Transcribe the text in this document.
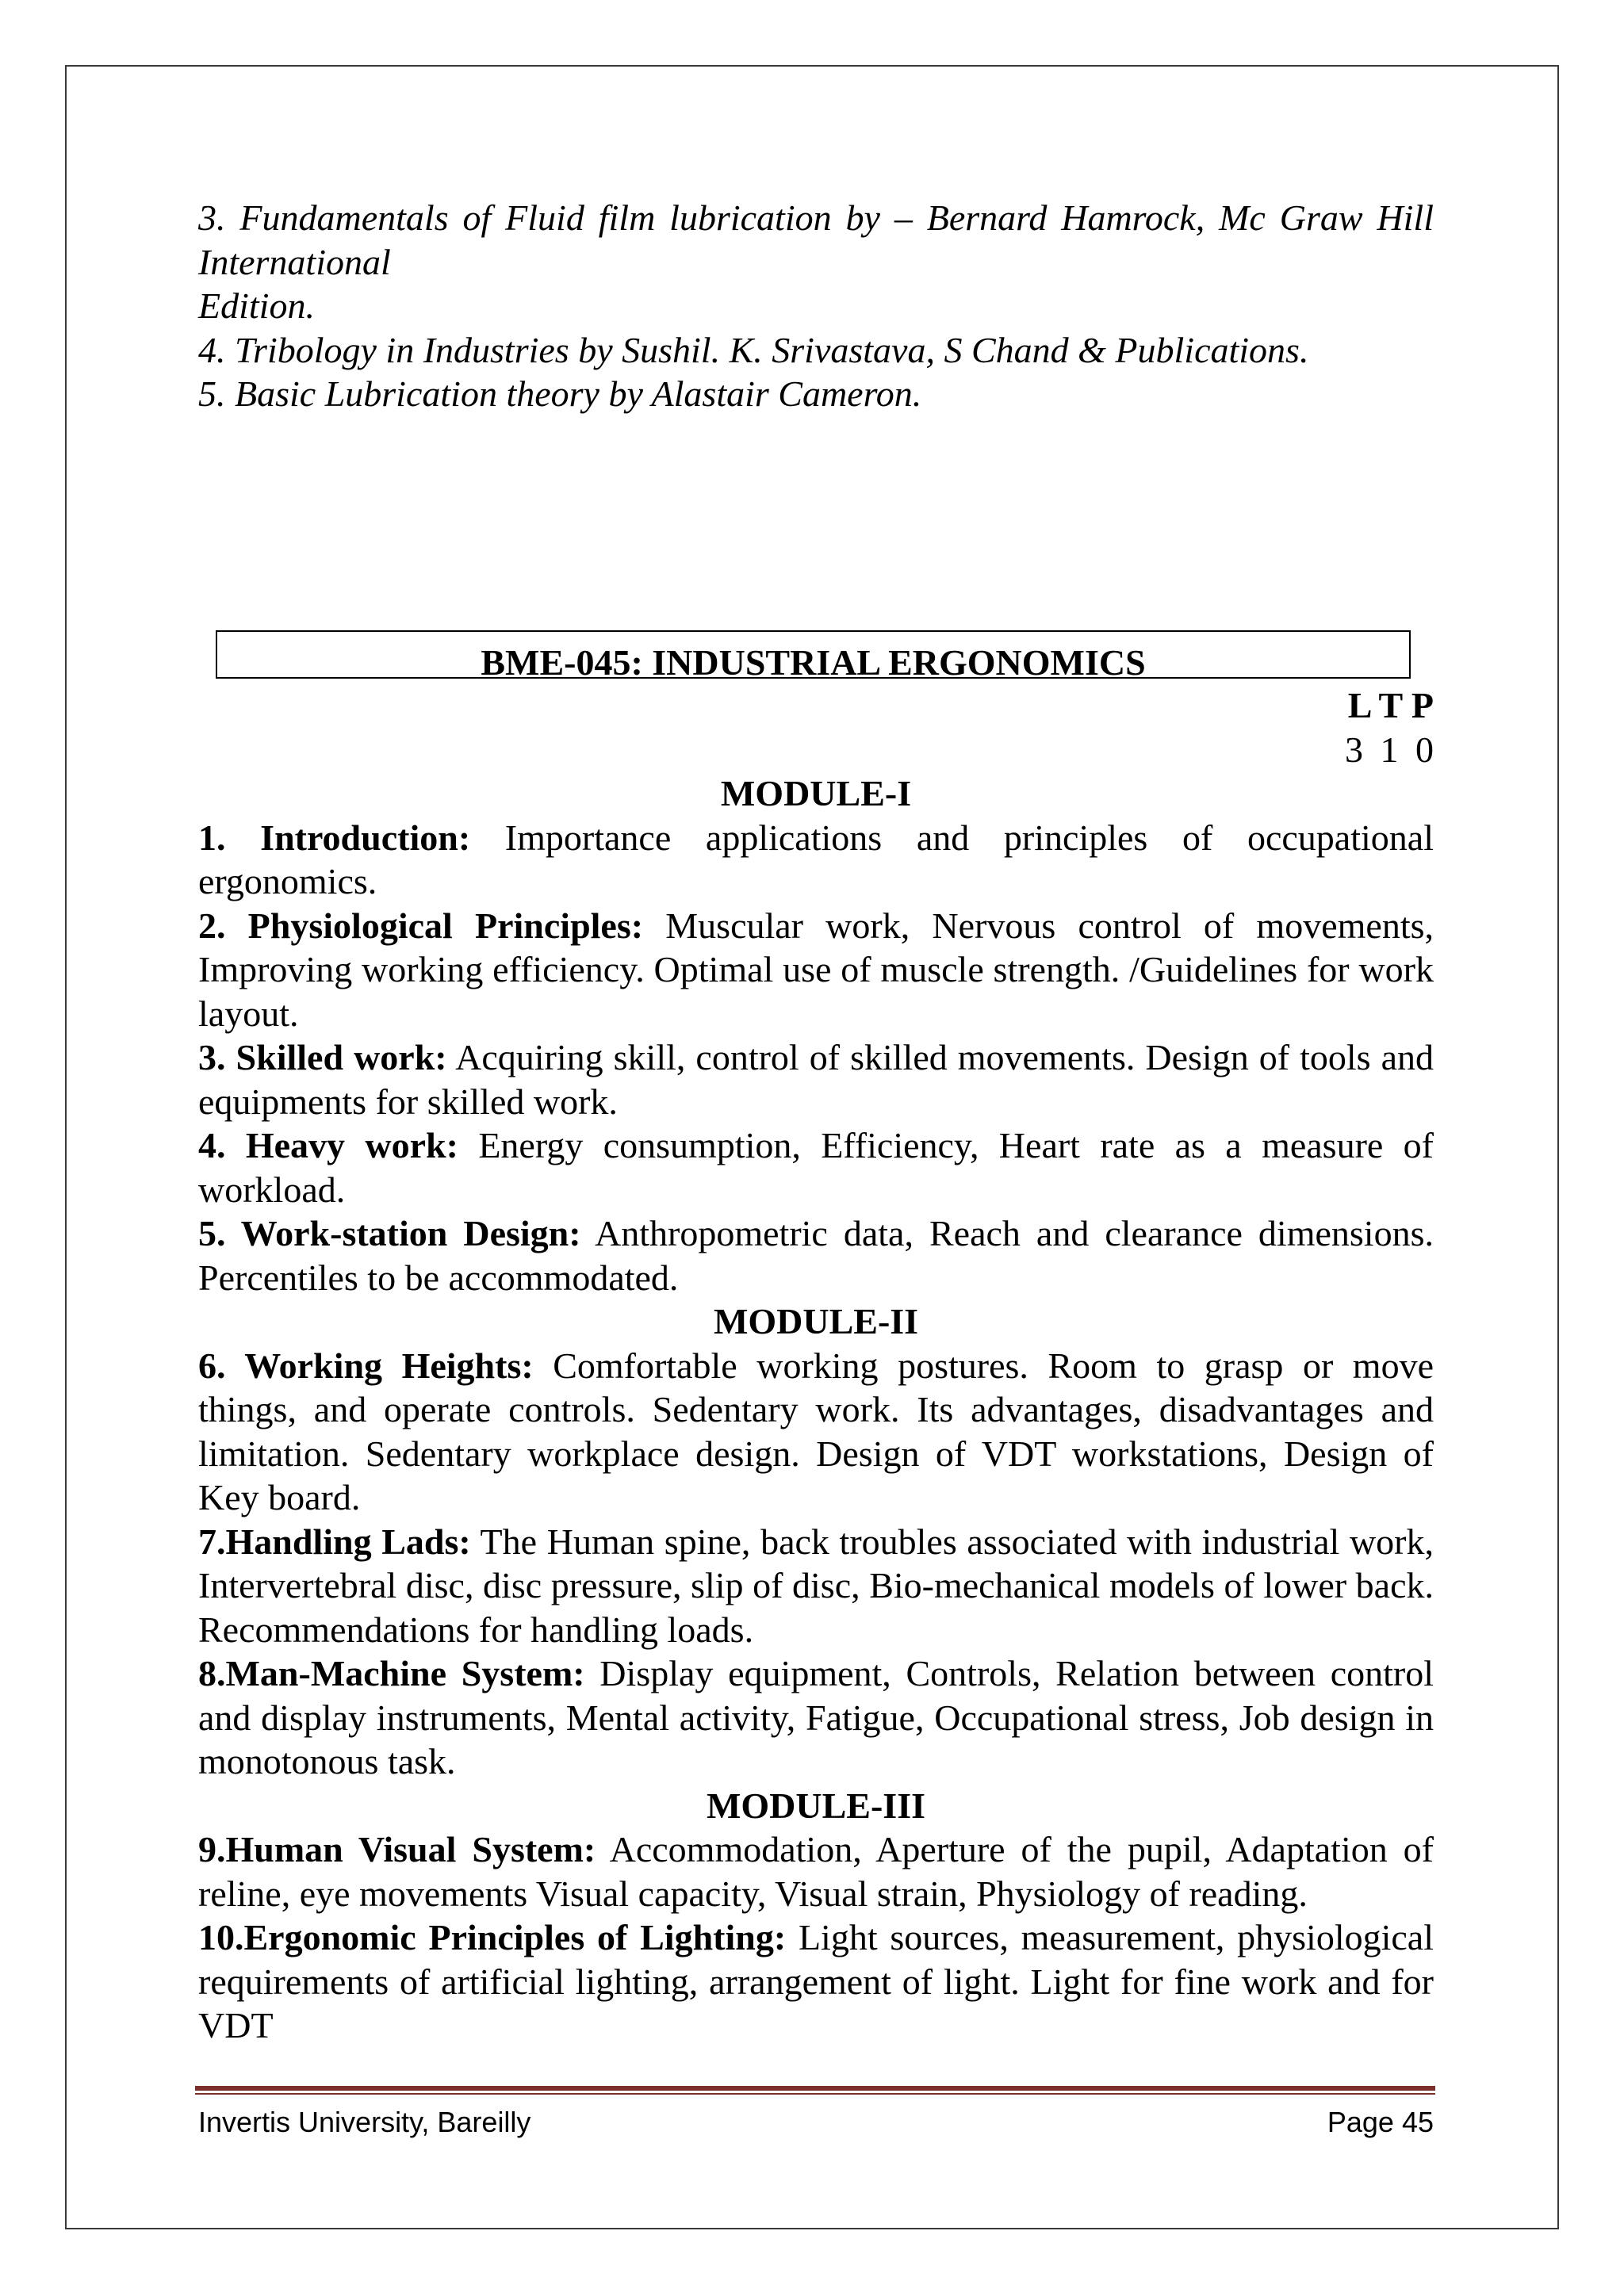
3. Fundamentals of Fluid film lubrication by – Bernard Hamrock, Mc Graw Hill International

Edition.

4. Tribology in Industries by Sushil. K. Srivastava, S Chand & Publications.

5. Basic Lubrication theory by Alastair Cameron.

BME-045: INDUSTRIAL ERGONOMICS

L T P

3 1 0

MODULE-I

1. Introduction: Importance applications and principles of occupational ergonomics.

2. Physiological Principles: Muscular work, Nervous control of movements, Improving working efficiency. Optimal use of muscle strength. /Guidelines for work layout.

3. Skilled work: Acquiring skill, control of skilled movements. Design of tools and equipments for skilled work.

4. Heavy work: Energy consumption, Efficiency, Heart rate as a measure of workload.

5. Work-station Design: Anthropometric data, Reach and clearance dimensions. Percentiles to be accommodated.

MODULE-II

6. Working Heights: Comfortable working postures. Room to grasp or move things, and operate controls. Sedentary work. Its advantages, disadvantages and limitation. Sedentary workplace design. Design of VDT workstations, Design of Key board.

7.Handling Lads: The Human spine, back troubles associated with industrial work, Intervertebral disc, disc pressure, slip of disc, Bio-mechanical models of lower back. Recommendations for handling loads.

8.Man-Machine System: Display equipment, Controls, Relation between control and display instruments, Mental activity, Fatigue, Occupational stress, Job design in monotonous task.

MODULE-III

9.Human Visual System: Accommodation, Aperture of the pupil, Adaptation of reline, eye movements Visual capacity, Visual strain, Physiology of reading.

10.Ergonomic Principles of Lighting: Light sources, measurement, physiological requirements of artificial lighting, arrangement of light. Light for fine work and for VDT

Invertis University, Bareilly	Page 45
